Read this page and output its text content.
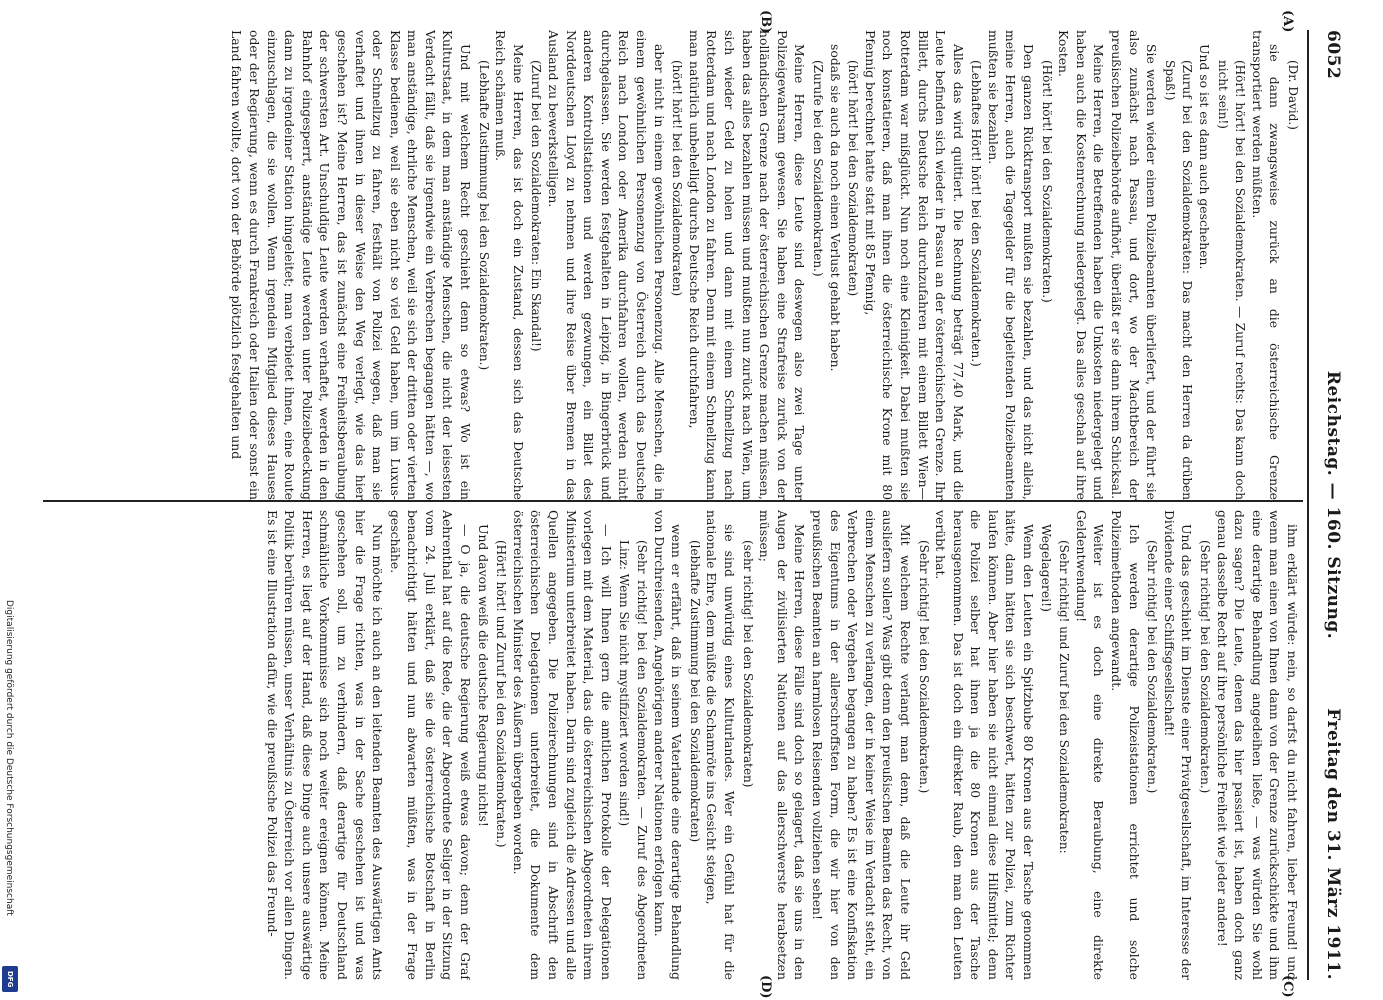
6052
Reichstag. — 160. Sitzung.
Freitag den 31. März 1911.
(A)
(B)
(C)
(D)

(Dr. David.)

sie dann zwangsweise zurück an die österreichische Grenze transportiert werden müßten.

(Hört! hört! bei den Sozialdemokraten. — Zuruf rechts: Das kann doch nicht sein!)

Und so ist es dann auch geschehen.

(Zuruf bei den Sozialdemokraten: Das macht den Herren da drüben Spaß!)

Sie werden wieder einem Polizeibeamten überliefert, und der führt sie also zunächst nach Passau, und dort, wo der Machtbereich der preußischen Polizeibehörde aufhört, überläßt er sie dann ihrem Schicksal.

Meine Herren, die Betreffenden haben die Unkosten niedergelegt und haben auch die Kostenrechnung niedergelegt. Das alles geschah auf ihre Kosten.

(Hört! hört! bei den Sozialdemokraten.)

Den ganzen Rücktransport mußten sie bezahlen, und das nicht allein, meine Herren, auch die Tagegelder für die begleitenden Polizeibeamten mußten sie bezahlen.

(Lebhaftes Hört! hört! bei den Sozialdemokraten.)

Alles das wird quittiert. Die Rechnung beträgt 77,40 Mark, und die Leute befinden sich wieder in Passau an der österreichischen Grenze. Ihr Billett, durchs Deutsche Reich durchzufahren mit einem Billett Wien—Rotterdam war mißglückt. Nun noch eine Kleinigkeit. Dabei mußten sie noch konstatieren, daß man ihnen die österreichische Krone mit 80 Pfennig berechnet hatte statt mit 85 Pfennig,

(hört! hört! bei den Sozialdemokraten)

sodaß sie auch da noch einen Verlust gehabt haben.

(Zurufe bei den Sozialdemokraten.)

Meine Herren, diese Leute sind deswegen also zwei Tage unter Polizeigewahrsam gewesen. Sie haben eine Strafreise zurück von der holländischen Grenze nach der österreichischen Grenze machen müssen, haben das alles bezahlen müssen und mußten nun zurück nach Wien, um sich wieder Geld zu holen und dann mit einem Schnellzug nach Rotterdam und nach London zu fahren. Denn mit einem Schnellzug kann man natürlich unbehelligt durchs Deutsche Reich durchfahren,

(hört! hört! bei den Sozialdemokraten)

aber nicht in einem gewöhnlichen Personenzug. Alle Menschen, die in einem gewöhnlichen Personenzug von Österreich durch das Deutsche Reich nach London oder Amerika durchfahren wollen, werden nicht durchgelassen. Sie werden festgehalten in Leipzig, in Bingerbrück und anderen Kontrollstationen und werden gezwungen, ein Billet des Norddeutschen Lloyd zu nehmen und ihre Reise über Bremen in das Ausland zu bewerkstelligen.

(Zuruf bei den Sozialdemokraten: Ein Skandal!)

Meine Herren, das ist doch ein Zustand, dessen sich das Deutsche Reich schämen muß.

(Lebhafte Zustimmung bei den Sozialdemokraten.)

Und mit welchem Recht geschieht denn so etwas? Wo ist ein Kulturstaat, in dem man anständige Menschen, die nicht der leisesten Verdacht fällt, daß sie irgendwie ein Verbrechen begangen hätten —, wo man anständige, ehrliche Menschen, weil sie sich der dritten oder vierten Klasse bedienen, weil sie eben nicht so viel Geld haben, um im Luxus- oder Schnellzug zu fahren, festhält von Polizei wegen, daß man sie verhaftet und ihnen in dieser Weise den Weg verlegt, wie das hier geschehen ist? Meine Herren, das ist zunächst eine Freiheitsberaubung der schwersten Art. Unschuldige Leute werden verhaftet, werden in den Bahnhof eingesperrt, anständige Leute werden unter Polizeibedeckung dann zu irgendeiner Station hingeleitet; man verbietet ihnen, eine Route einzuschlagen, die sie wollen. Wenn irgendein Mitglied dieses Hauses oder der Regierung, wenn es durch Frankreich oder Italien oder sonst ein Land fahren wollte, dort von der Behörde plötzlich festgehalten und

ihm erklärt würde: nein, so darfst du nicht fahren, lieber Freund! und wenn man einen von Ihnen dann von der Grenze zurückschickte und ihm eine derartige Behandlung angedeihen ließe, — was würden Sie wohl dazu sagen? Die Leute, denen das hier passiert ist, haben doch ganz genau dasselbe Recht auf ihre persönliche Freiheit wie jeder andere!

(Sehr richtig! bei den Sozialdemokraten.)

Und das geschieht im Dienste einer Privatgesellschaft, im Interesse der Dividende einer Schiffsgesellschaft!

(Sehr richtig! bei den Sozialdemokraten.)

Ich werden derartige Polizeistationen errichtet und solche Polizeimethoden angewandt.

Weiter ist es doch eine direkte Beraubung, eine direkte Geldentwendung!

(Sehr richtig! und Zuruf bei den Sozialdemokraten:

Wegelagerei!)

Wenn den Leuten ein Spitzbube 80 Kronen aus der Tasche genommen hätte, dann hätten sie sich beschwert, hätten zur Polizei, zum Richter laufen können. Aber hier haben sie nicht einmal diese Hilfsmittel; denn die Polizei selber hat ihnen ja die 80 Kronen aus der Tasche herausgenommen. Das ist doch ein direkter Raub, den man den Leuten verübt hat.

(Sehr richtig! bei den Sozialdemokraten.)

Mit welchem Rechte verlangt man denn, daß die Leute ihr Geld ausliefern sollen? Was gibt denn den preußischen Beamten das Recht, von einem Menschen zu verlangen, der in keiner Weise im Verdacht steht, ein Verbrechen oder Vergehen begangen zu haben? Es ist eine Konfiskation des Eigentums in der allerschroffsten Form, die wir hier von den preußischen Beamten an harmlosen Reisenden vollziehen sehen!

Meine Herren, diese Fälle sind doch so gelagert, daß sie uns in den Augen der zivilisierten Nationen auf das allerschwerste herabsetzen müssen;

(sehr richtig! bei den Sozialdemokraten)

sie sind unwürdig eines Kulturlandes. Wer ein Gefühl hat für die nationale Ehre, dem müßte die Schamröte ins Gesicht steigen,

(lebhafte Zustimmung bei den Sozialdemokraten)

wenn er erfährt, daß in seinem Vaterlande eine derartige Behandlung von Durchreisenden, Angehörigen anderer Nationen erfolgen kann.

(Sehr richtig! bei den Sozialdemokraten. — Zuruf des Abgeordneten Linz: Wenn Sie nicht mystifiziert worden sind!)

— Ich will Ihnen gern die amtlichen Protokolle der Delegationen vorlegen mit dem Material, das die österreichischen Abgeordneten ihrem Ministerium unterbreitet haben. Darin sind zugleich die Adressen und alle Quellen angegeben. Die Polizeirechnungen sind in Abschrift den österreichischen Delegationen unterbreitet, die Dokumente dem österreichischen Minister des Äußern übergeben worden.

(Hört! hört! und Zuruf bei den Sozialdemokraten.)

Und davon weiß die deutsche Regierung nichts!

— O ja, die deutsche Regierung weiß etwas davon; denn der Graf Aehrenthal hat auf die Rede, die der Abgeordnete Seliger in der Sitzung vom 24. Juli erklärt, daß sie die österreichische Botschaft in Berlin benachrichtigt hätten und nun abwarten müßten, was in der Frage geschähe.

Nun möchte ich auch an den leitenden Beamten des Auswärtigen Amts hier die Frage richten, was in der Sache geschehen ist und was geschehen soll, um zu verhindern, daß derartige für Deutschland schmähliche Vorkommnisse sich noch weiter ereignen können. Meine Herren, es liegt auf der Hand, daß diese Dinge auch unsere auswärtige Politik berühren müssen, unser Verhältnis zu Österreich vor allen Dingen. Es ist eine Illustration dafür, wie die preußische Polizei das Freund-

Digitalisierung gefördert durch die Deutsche Forschungsgemeinschaft
DFG
